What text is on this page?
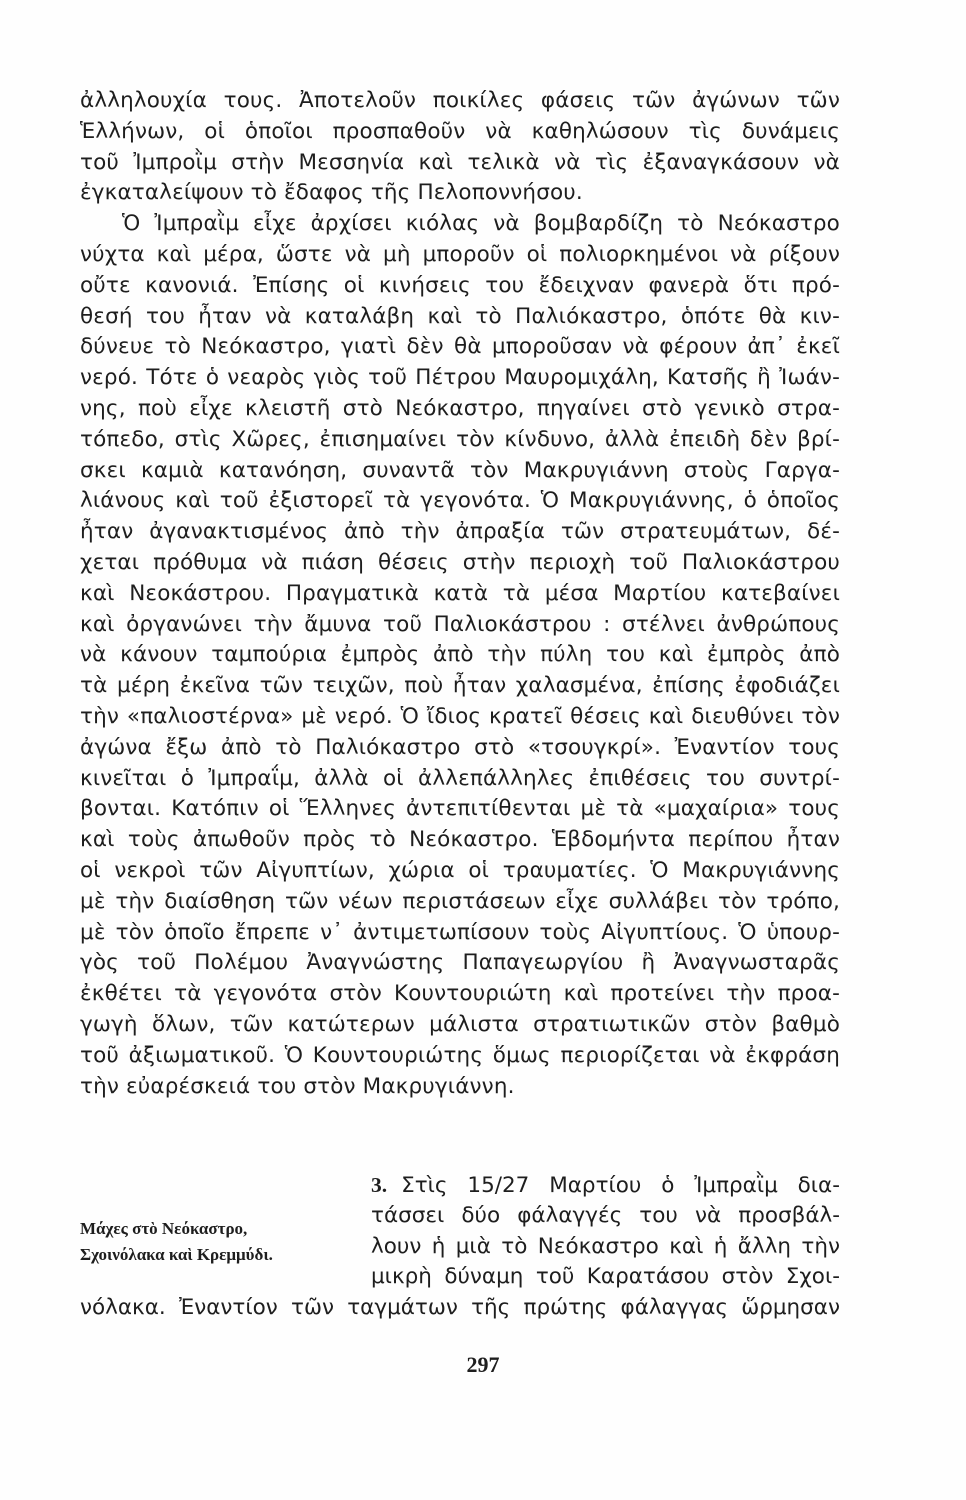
ἀλληλουχία τους. Ἀποτελοῦν ποικίλες φάσεις τῶν ἀγώνων τῶν
Ἑλλήνων, οἱ ὁποῖοι προσπαθοῦν νὰ καθηλώσουν τὶς δυνάμεις
τοῦ Ἰμπροῒμ στὴν Μεσσηνία καὶ τελικὰ νὰ τὶς ἐξαναγκάσουν νὰ
ἐγκαταλείψουν τὸ ἔδαφος τῆς Πελοποννήσου.
Ὁ Ἰμπραῒμ εἶχε ἀρχίσει κιόλας νὰ βομβαρδίζη τὸ Νεόκαστρο
νύχτα καὶ μέρα, ὥστε νὰ μὴ μποροῦν οἱ πολιορκημένοι νὰ ρίξουν
οὔτε κανονιά. Ἐπίσης οἱ κινήσεις του ἔδειχναν φανερὰ ὅτι πρό-
θεσή του ἦταν νὰ καταλάβη καὶ τὸ Παλιόκαστρο, ὁπότε θὰ κιν-
δύνευε τὸ Νεόκαστρο, γιατὶ δὲν θὰ μποροῦσαν νὰ φέρουν ἀπ᾿ ἐκεῖ
νερό. Τότε ὁ νεαρὸς γιὸς τοῦ Πέτρου Μαυρομιχάλη, Κατσῆς ἢ Ἰωάν-
νης, ποὺ εἶχε κλειστῆ στὸ Νεόκαστρο, πηγαίνει στὸ γενικὸ στρα-
τόπεδο, στὶς Χῶρες, ἐπισημαίνει τὸν κίνδυνο, ἀλλὰ ἐπειδὴ δὲν βρί-
σκει καμιὰ κατανόηση, συναντᾶ τὸν Μακρυγιάννη στοὺς Γαργα-
λιάνους καὶ τοῦ ἐξιστορεῖ τὰ γεγονότα. Ὁ Μακρυγιάννης, ὁ ὁποῖος
ἦταν ἀγανακτισμένος ἀπὸ τὴν ἀπραξία τῶν στρατευμάτων, δέ-
χεται πρόθυμα νὰ πιάση θέσεις στὴν περιοχὴ τοῦ Παλιοκάστρου
καὶ Νεοκάστρου. Πραγματικὰ κατὰ τὰ μέσα Μαρτίου κατεβαίνει
καὶ ὀργανώνει τὴν ἄμυνα τοῦ Παλιοκάστρου : στέλνει ἀνθρώπους
νὰ κάνουν ταμπούρια ἐμπρὸς ἀπὸ τὴν πύλη του καὶ ἐμπρὸς ἀπὸ
τὰ μέρη ἐκεῖνα τῶν τειχῶν, ποὺ ἦταν χαλασμένα, ἐπίσης ἐφοδιάζει
τὴν «παλιοστέρνα» μὲ νερό. Ὁ ἴδιος κρατεῖ θέσεις καὶ διευθύνει τὸν
ἀγώνα ἔξω ἀπὸ τὸ Παλιόκαστρο στὸ «τσουγκρί». Ἐναντίον τους
κινεῖται ὁ Ἰμπραΐμ, ἀλλὰ οἱ ἀλλεπάλληλες ἐπιθέσεις του συντρί-
βονται. Κατόπιν οἱ Ἕλληνες ἀντεπιτίθενται μὲ τὰ «μαχαίρια» τους
καὶ τοὺς ἀπωθοῦν πρὸς τὸ Νεόκαστρο. Ἑβδομήντα περίπου ἦταν
οἱ νεκροὶ τῶν Αἰγυπτίων, χώρια οἱ τραυματίες. Ὁ Μακρυγιάννης
μὲ τὴν διαίσθηση τῶν νέων περιστάσεων εἶχε συλλάβει τὸν τρόπο,
μὲ τὸν ὁποῖο ἔπρεπε ν᾿ ἀντιμετωπίσουν τοὺς Αἰγυπτίους. Ὁ ὑπουρ-
γὸς τοῦ Πολέμου Ἀναγνώστης Παπαγεωργίου ἢ Ἀναγνωσταρᾶς
ἐκθέτει τὰ γεγονότα στὸν Κουντουριώτη καὶ προτείνει τὴν προα-
γωγὴ ὅλων, τῶν κατώτερων μάλιστα στρατιωτικῶν στὸν βαθμὸ
τοῦ ἀξιωματικοῦ. Ὁ Κουντουριώτης ὅμως περιορίζεται νὰ ἐκφράση
τὴν εὐαρέσκειά του στὸν Μακρυγιάννη.
3. Στὶς 15/27 Μαρτίου ὁ Ἰμπραῒμ δια-
τάσσει δύο φάλαγγές του νὰ προσβάλ-
λουν ἡ μιὰ τὸ Νεόκαστρο καὶ ἡ ἄλλη τὴν
μικρὴ δύναμη τοῦ Καρατάσου στὸν Σχοι-
νόλακα. Ἐναντίον τῶν ταγμάτων τῆς πρώτης φάλαγγας ὥρμησαν
Μάχες στὸ Νεόκαστρο,
Σχοινόλακα καὶ Κρεμμύδι.
297
